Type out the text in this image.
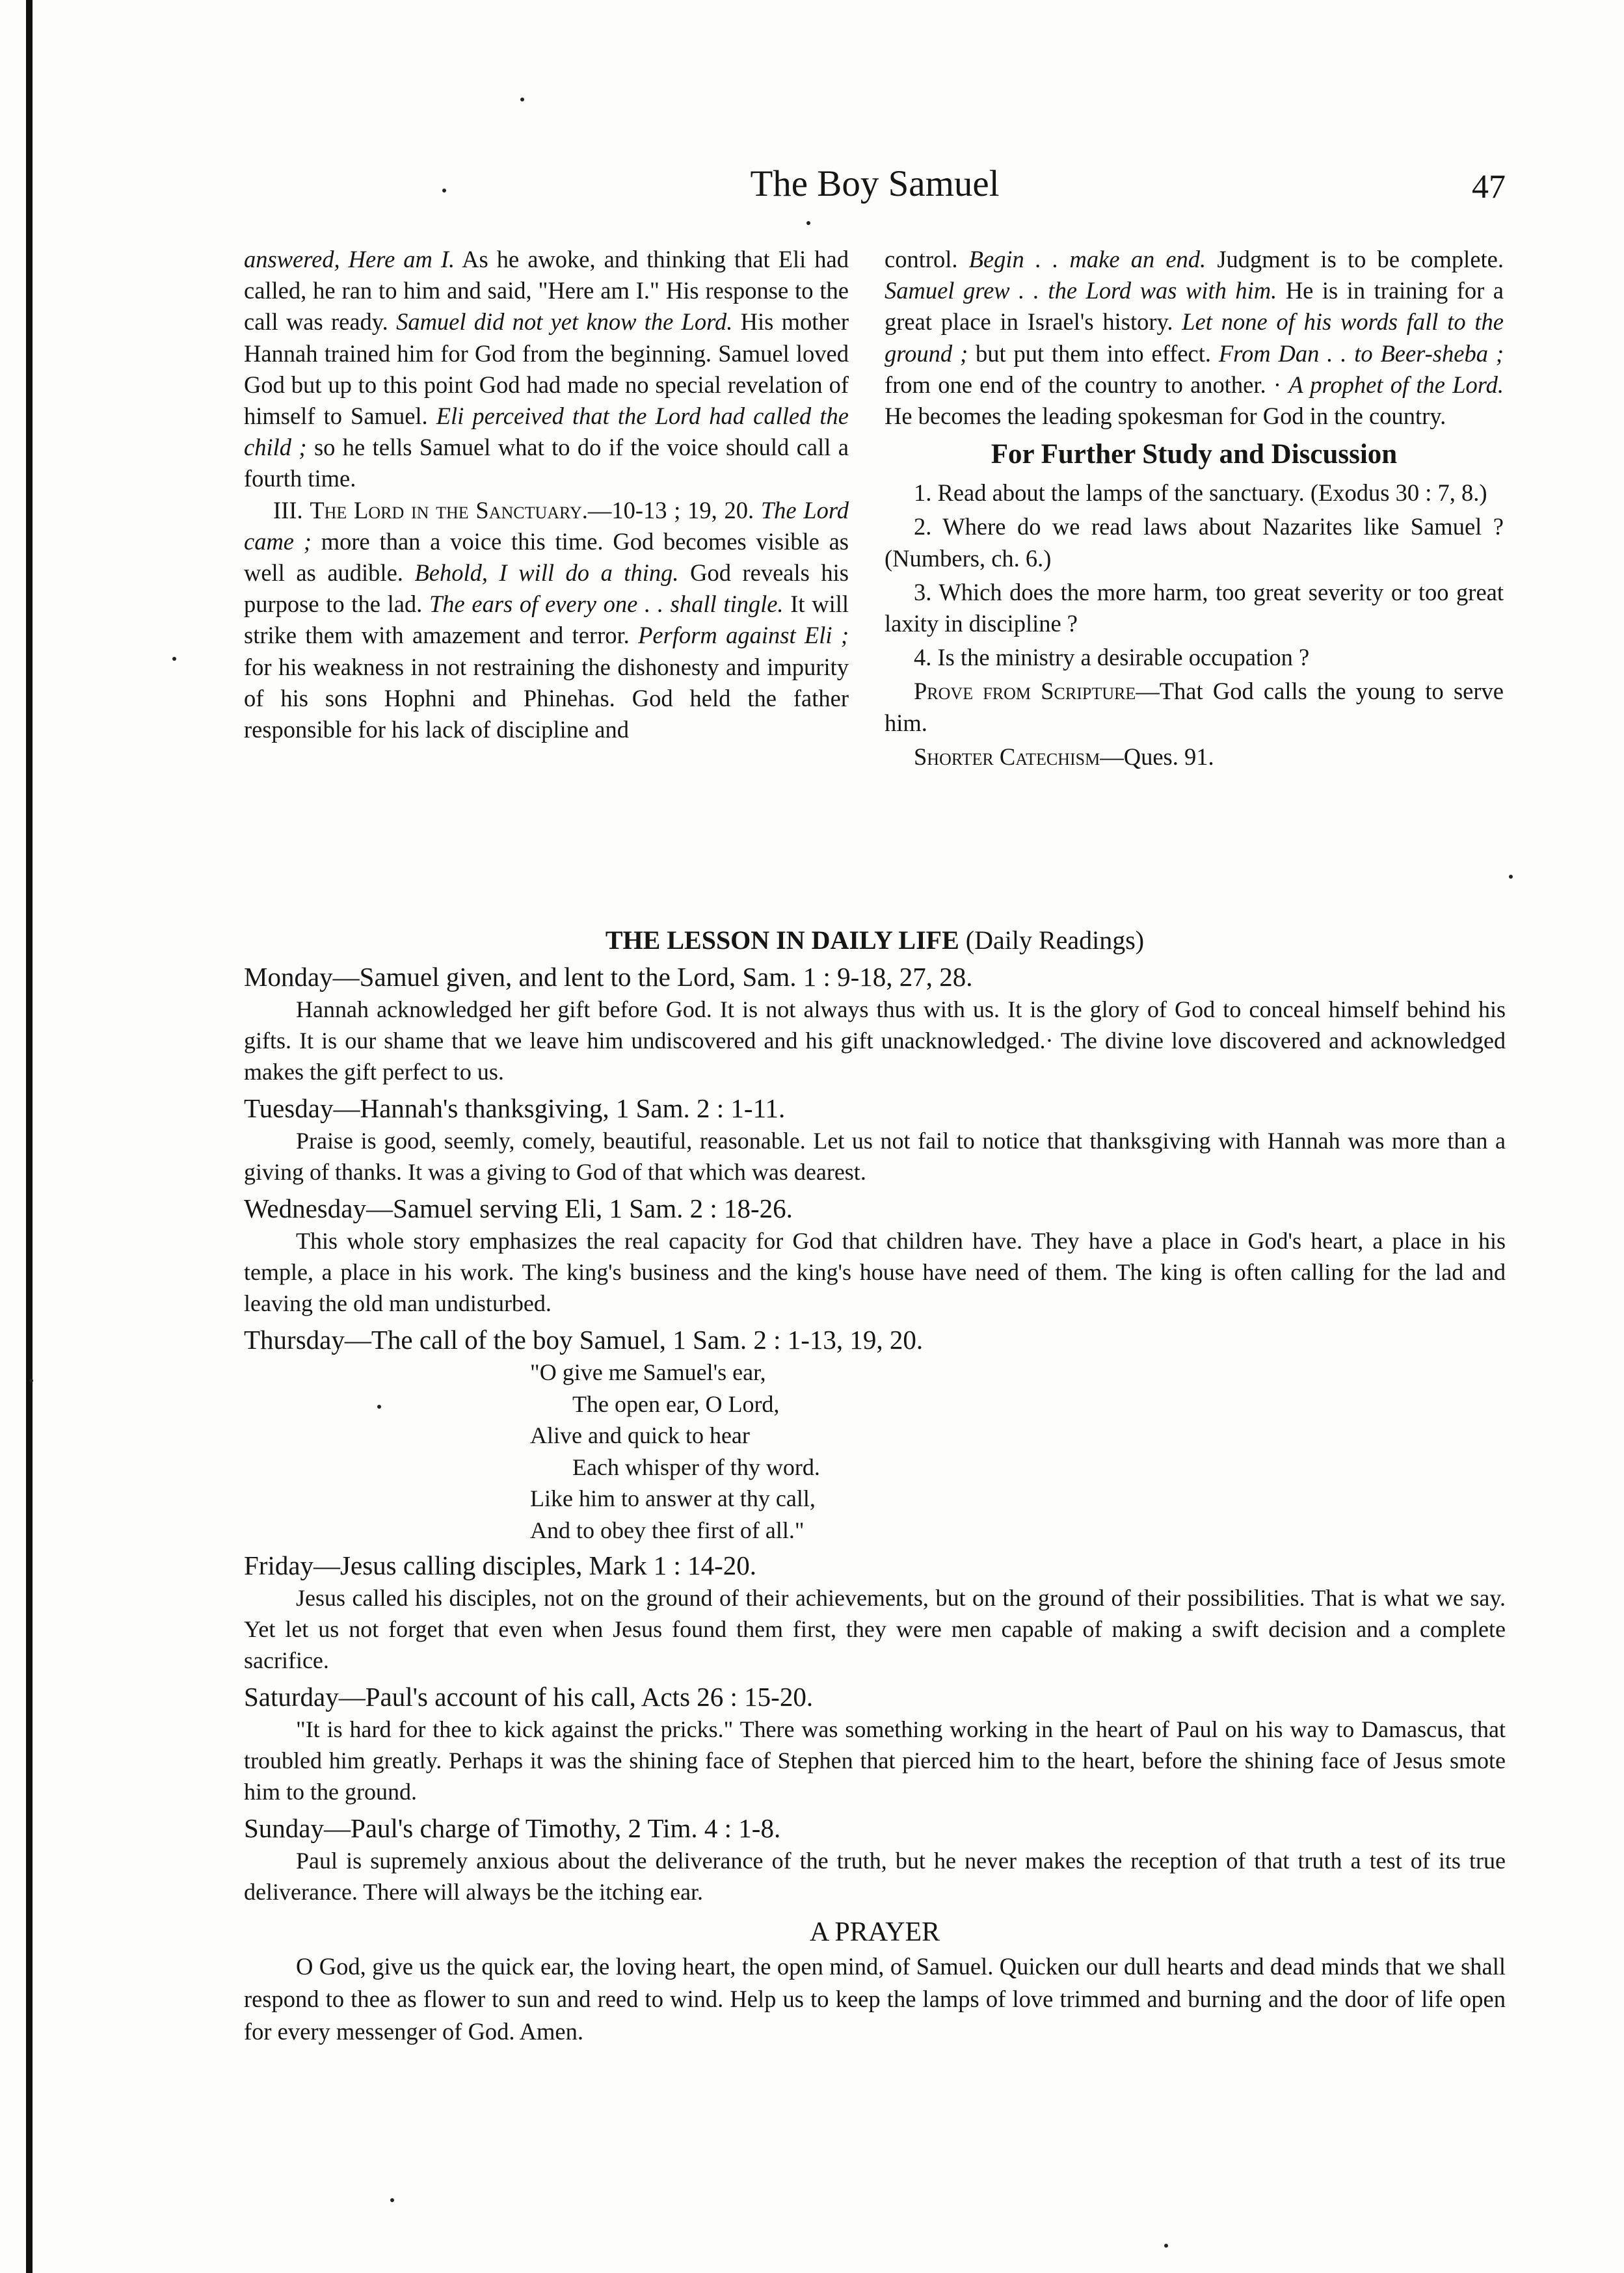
The Boy Samuel	47

answered, Here am I. As he awoke, and thinking that Eli had called, he ran to him and said, "Here am I." His response to the call was ready. Samuel did not yet know the Lord. His mother Hannah trained him for God from the beginning. Samuel loved God but up to this point God had made no special revelation of himself to Samuel. Eli perceived that the Lord had called the child ; so he tells Samuel what to do if the voice should call a fourth time.

III. The Lord in the Sanctuary.—10-13 ; 19, 20. The Lord came ; more than a voice this time. God becomes visible as well as audible. Behold, I will do a thing. God reveals his purpose to the lad. The ears of every one . . shall tingle. It will strike them with amazement and terror. Perform against Eli ; for his weakness in not restraining the dishonesty and impurity of his sons Hophni and Phinehas. God held the father responsible for his lack of discipline and

control. Begin . . make an end. Judgment is to be complete. Samuel grew . . the Lord was with him. He is in training for a great place in Israel's history. Let none of his words fall to the ground ; but put them into effect. From Dan . . to Beer-sheba ; from one end of the country to another. · A prophet of the Lord. He becomes the leading spokesman for God in the country.

For Further Study and Discussion

1. Read about the lamps of the sanctuary. (Exodus 30 : 7, 8.)

2. Where do we read laws about Nazarites like Samuel ? (Numbers, ch. 6.)

3. Which does the more harm, too great severity or too great laxity in discipline ?

4. Is the ministry a desirable occupation ?

Prove from Scripture—That God calls the young to serve him.

Shorter Catechism—Ques. 91.

THE LESSON IN DAILY LIFE (Daily Readings)
Monday—Samuel given, and lent to the Lord, Sam. 1 : 9-18, 27, 28.

Hannah acknowledged her gift before God. It is not always thus with us. It is the glory of God to conceal himself behind his gifts. It is our shame that we leave him undiscovered and his gift unacknowledged.· The divine love discovered and acknowledged makes the gift perfect to us.

Tuesday—Hannah's thanksgiving, 1 Sam. 2 : 1-11.

Praise is good, seemly, comely, beautiful, reasonable. Let us not fail to notice that thanksgiving with Hannah was more than a giving of thanks. It was a giving to God of that which was dearest.

Wednesday—Samuel serving Eli, 1 Sam. 2 : 18-26.

This whole story emphasizes the real capacity for God that children have. They have a place in God's heart, a place in his temple, a place in his work. The king's business and the king's house have need of them. The king is often calling for the lad and leaving the old man undisturbed.

Thursday—The call of the boy Samuel, 1 Sam. 2 : 1-13, 19, 20.
"O give me Samuel's ear,
The open ear, O Lord,
Alive and quick to hear
Each whisper of thy word.
Like him to answer at thy call,
And to obey thee first of all."
Friday—Jesus calling disciples, Mark 1 : 14-20.

Jesus called his disciples, not on the ground of their achievements, but on the ground of their possibilities. That is what we say. Yet let us not forget that even when Jesus found them first, they were men capable of making a swift decision and a complete sacrifice.

Saturday—Paul's account of his call, Acts 26 : 15-20.

"It is hard for thee to kick against the pricks." There was something working in the heart of Paul on his way to Damascus, that troubled him greatly. Perhaps it was the shining face of Stephen that pierced him to the heart, before the shining face of Jesus smote him to the ground.

Sunday—Paul's charge of Timothy, 2 Tim. 4 : 1-8.

Paul is supremely anxious about the deliverance of the truth, but he never makes the reception of that truth a test of its true deliverance. There will always be the itching ear.

A PRAYER

O God, give us the quick ear, the loving heart, the open mind, of Samuel. Quicken our dull hearts and dead minds that we shall respond to thee as flower to sun and reed to wind. Help us to keep the lamps of love trimmed and burning and the door of life open for every messenger of God. Amen.
